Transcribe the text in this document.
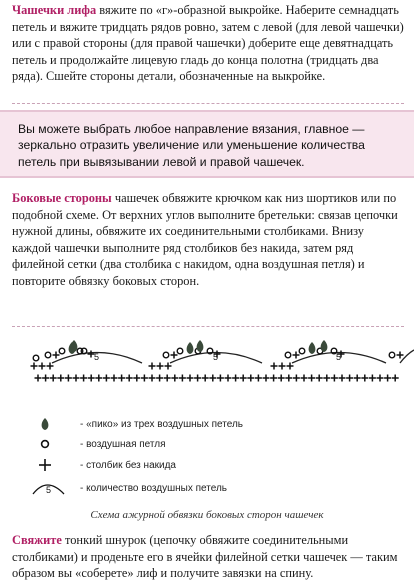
Чашечки лифа вяжите по «г»-образной выкройке. Наберите семнадцать петель и вяжите тридцать рядов ровно, затем с левой (для левой чашечки) или с правой стороны (для правой чашечки) доберите еще девятнадцать петель и продолжайте лицевую гладь до конца полотна (тридцать два ряда). Сшейте стороны детали, обозначенные на выкройке.

Вы можете выбрать любое направление вязания, главное — зеркально отразить увеличение или уменьшение количества петель при вывязывании левой и правой чашечек.

Боковые стороны чашечек обвяжите крючком как низ шортиков или по подобной схеме. От верхних углов выполните бретельки: связав цепочки нужной длины, обвяжите их соединительными столбиками. Внизу каждой чашечки выполните ряд столбиков без накида, затем ряд филейной сетки (два столбика с накидом, одна воздушная петля) и повторите обвязку боковых сторон.

5	5	5
- «пико» из трех воздушных петель
- воздушная петля
- столбик без накида
5	- количество воздушных петель
Схема ажурной обвязки боковых сторон чашечек

Свяжите тонкий шнурок (цепочку обвяжите соединительными столбиками) и проденьте его в ячейки филейной сетки чашечек — таким образом вы «соберете» лиф и получите завязки на спину.
